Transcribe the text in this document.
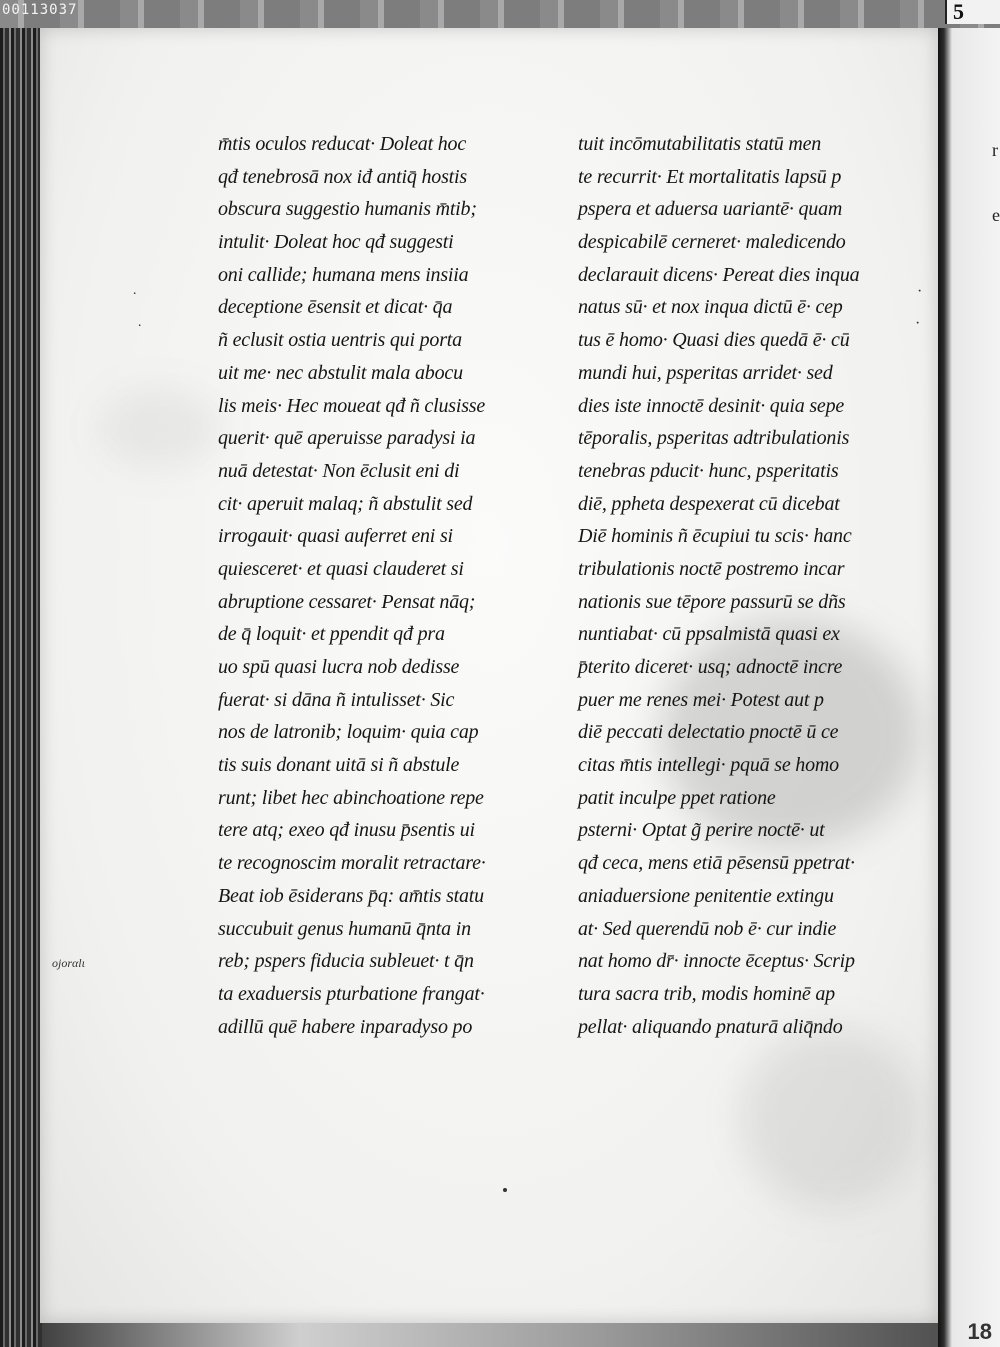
00113037	5
r
e
˙
˙
·
·
οjοrαlι
m̄tis oculos reducat· Doleat hoc
qđ tenebrosā nox iđ antiq̄ hostis
obscura suggestio humanis m̄tib;
intulit· Doleat hoc qđ suggesti
oni callide; humana mens insiia
deceptione ēsensit et dicat· q̄a
ñ eclusit ostia uentris qui porta
uit me· nec abstulit mala abocu
lis meis· Hec moueat qđ ñ clusisse
querit· quē aperuisse paradysi ia
nuā detestat· Non ēclusit eni di
cit· aperuit malaq; ñ abstulit sed
irrogauit· quasi auferret eni si
quiesceret· et quasi clauderet si
abruptione cessaret· Pensat nāq;
de q̄ loquit· et ppendit qđ pra
uo spū quasi lucra nob dedisse
fuerat· si dāna ñ intulisset· Sic
nos de latronib; loquim· quia cap
tis suis donant uitā si ñ abstule
runt; libet hec abinchoatione repe
tere atq; exeo qđ inusu p̄sentis ui
te recognoscim moralit retractare·
Beat iob ēsiderans p̄q: am̄tis statu
succubuit genus humanū q̄nta in
reb; pspers fiducia subleuet· t q̄n
ta exaduersis pturbatione frangat·
adillū quē habere inparadyso po
tuit incōmutabilitatis statū men
te recurrit· Et mortalitatis lapsū p
pspera et aduersa uariantē· quam
despicabilē cerneret· maledicendo
declarauit dicens· Pereat dies inqua
natus sū· et nox inqua dictū ē· cep
tus ē homo· Quasi dies quedā ē· cū
mundi hui, psperitas arridet· sed
dies iste innoctē desinit· quia sepe
tēporalis, psperitas adtribulationis
tenebras pducit· hunc, psperitatis
diē, ppheta despexerat cū dicebat
Diē hominis ñ ēcupiui tu scis· hanc
tribulationis noctē postremo incar
nationis sue tēpore passurū se dñs
nuntiabat· cū ppsalmistā quasi ex
p̄terito diceret· usq; adnoctē incre
puer me renes mei· Potest aut p
diē peccati delectatio pnoctē ū ce
citas m̄tis intellegi· pquā se homo
patit inculpe ppet ratione
psterni· Optat g̃ perire noctē· ut
qđ ceca, mens etiā pēsensū ppetrat·
aniaduersione penitentie extingu
at· Sed querendū nob ē· cur indie
nat homo dr̄· innocte ēceptus· Scrip
tura sacra trib, modis hominē ap
pellat· aliquando pnaturā aliq̄ndo
18
